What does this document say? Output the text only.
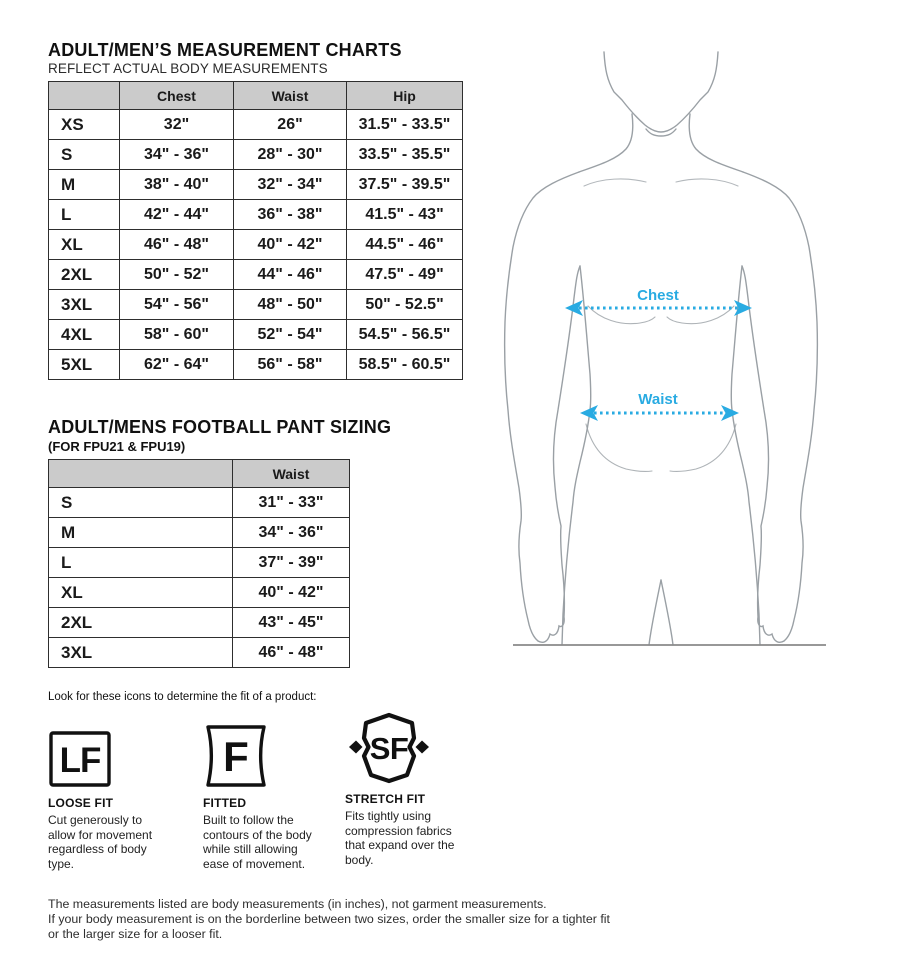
ADULT/MEN’S MEASUREMENT CHARTS
REFLECT ACTUAL BODY MEASUREMENTS
	Chest	Waist	Hip
XS	32"	26"	31.5" - 33.5"
S	34" - 36"	28" - 30"	33.5" - 35.5"
M	38" - 40"	32" - 34"	37.5" - 39.5"
L	42" - 44"	36" - 38"	41.5" - 43"
XL	46" - 48"	40" - 42"	44.5" - 46"
2XL	50" - 52"	44" - 46"	47.5" - 49"
3XL	54" - 56"	48" - 50"	50" - 52.5"
4XL	58" - 60"	52" - 54"	54.5" - 56.5"
5XL	62" - 64"	56" - 58"	58.5" - 60.5"
ADULT/MENS FOOTBALL PANT SIZING
(FOR FPU21 & FPU19)
	Waist
S	31" - 33"
M	34" - 36"
L	37" - 39"
XL	40" - 42"
2XL	43" - 45"
3XL	46" - 48"
Look for these icons to determine the fit of a product:
LF
LOOSE FIT
Cut generously to allow for movement regardless of body type.
F
FITTED
Built to follow the contours of the body while still allowing ease of movement.
SF
STRETCH FIT
Fits tightly using compression fabrics that expand over the body.
The measurements listed are body measurements (in inches), not garment measurements.
If your body measurement is on the borderline between two sizes, order the smaller size for a tighter fit or the larger size for a looser fit.
Chest
Waist
